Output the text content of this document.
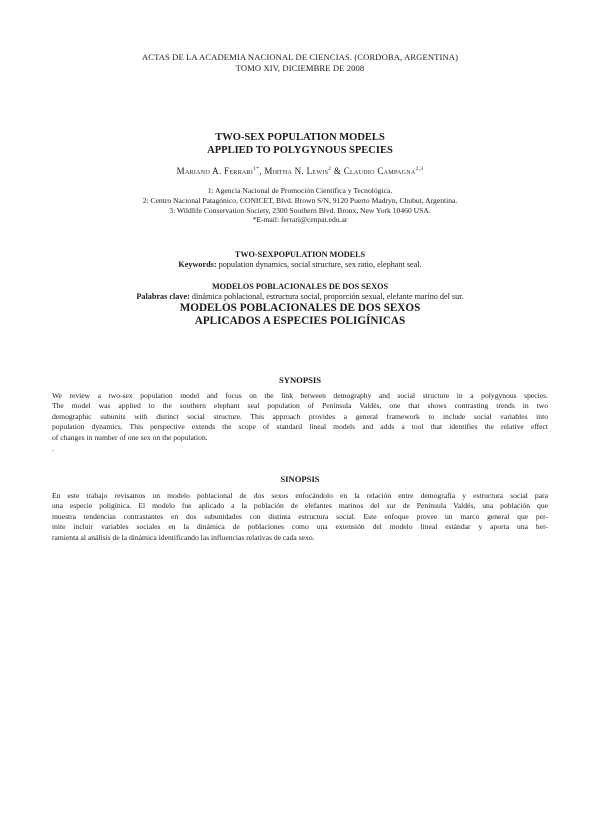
ACTAS DE LA ACADEMIA NACIONAL DE CIENCIAS. (CORDOBA, ARGENTINA)
TOMO XIV, DICIEMBRE DE 2008
TWO-SEX POPULATION MODELS
APPLIED TO POLYGYNOUS SPECIES
Mariano A. Ferrari$^{1*}$, Mirtha N. Lewis$^2$ & Claudio Campagna$^{2,3}$
1: Agencia Nacional de Promoción Científica y Tecnológica.
2: Centro Nacional Patagónico, CONICET, Blvd. Brown S/N, 9120 Puerto Madryn, Chubut, Argentina.
3: Wildlife Conservation Society, 2300 Southern Blvd. Bronx, New York 10460 USA.
*E-mail: ferrari@cenpat.edu.ar
TWO-SEXPOPULATION MODELS
Keywords: population dynamics, social structure, sex ratio, elephant seal.
MODELOS POBLACIONALES DE DOS SEXOS
Palabras clave: dinámica poblacional, estructura social, proporción sexual, elefante marino del sur.
MODELOS POBLACIONALES DE DOS SEXOS
APLICADOS A ESPECIES POLIGÍNICAS
SYNOPSIS
We review a two-sex population model and focus on the link between demography and social structure in a polygynous species.
The model was applied to the southern elephant seal population of Península Valdés, one that shows contrasting trends in two
demographic subunits with distinct social structure. This approach provides a general framework to include social variables into
population dynamics. This perspective extends the scope of standard lineal models and adds a tool that identifies the relative effect
of changes in number of one sex on the population.
.
SINOPSIS
En este trabajo revisamos un modelo poblacional de dos sexos enfocándolo en la relación entre demografía y estructura social para
una especie poligínica. El modelo fue aplicado a la población de elefantes marinos del sur de Península Valdés, una población que
muestra tendencias contrastantes en dos subunidades con distinta estructura social. Este enfoque provee un marco general que per-
mite incluir variables sociales en la dinámica de poblaciones como una extensión del modelo lineal estándar y aporta una her-
ramienta al análisis de la dinámica identificando las influencias relativas de cada sexo.
